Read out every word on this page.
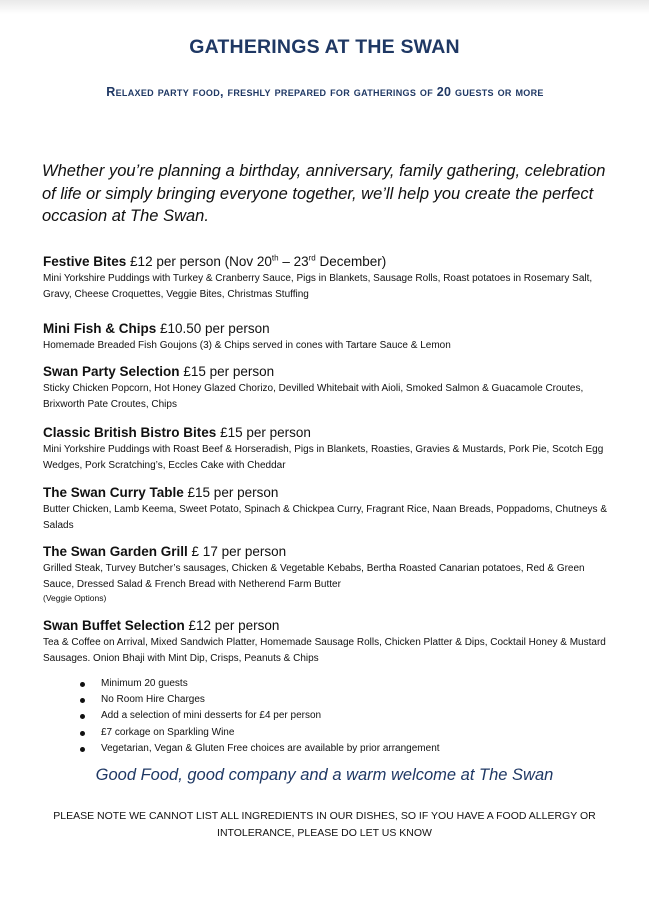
GATHERINGS AT THE SWAN
Relaxed party food, freshly prepared for gatherings of 20 guests or more
Whether you’re planning a birthday, anniversary, family gathering, celebration of life or simply bringing everyone together, we’ll help you create the perfect occasion at The Swan.

Festive Bites £12 per person (Nov 20th – 23rd December)

Mini Yorkshire Puddings with Turkey & Cranberry Sauce, Pigs in Blankets, Sausage Rolls, Roast potatoes in Rosemary Salt, Gravy, Cheese Croquettes, Veggie Bites, Christmas Stuffing

Mini Fish & Chips £10.50 per person

Homemade Breaded Fish Goujons (3) & Chips served in cones with Tartare Sauce & Lemon

Swan Party Selection £15 per person

Sticky Chicken Popcorn, Hot Honey Glazed Chorizo, Devilled Whitebait with Aioli, Smoked Salmon & Guacamole Croutes, Brixworth Pate Croutes, Chips

Classic British Bistro Bites £15 per person

Mini Yorkshire Puddings with Roast Beef & Horseradish, Pigs in Blankets, Roasties, Gravies & Mustards, Pork Pie, Scotch Egg Wedges, Pork Scratching’s, Eccles Cake with Cheddar

The Swan Curry Table £15 per person

Butter Chicken, Lamb Keema, Sweet Potato, Spinach & Chickpea Curry, Fragrant Rice, Naan Breads, Poppadoms, Chutneys & Salads

The Swan Garden Grill £ 17 per person

Grilled Steak, Turvey Butcher’s sausages, Chicken & Vegetable Kebabs, Bertha Roasted Canarian potatoes, Red & Green Sauce, Dressed Salad & French Bread with Netherend Farm Butter

(Veggie Options)

Swan Buffet Selection £12 per person

Tea & Coffee on Arrival, Mixed Sandwich Platter, Homemade Sausage Rolls, Chicken Platter & Dips, Cocktail Honey & Mustard Sausages. Onion Bhaji with Mint Dip, Crisps, Peanuts & Chips

Minimum 20 guests
No Room Hire Charges
Add a selection of mini desserts for £4 per person
£7 corkage on Sparkling Wine
Vegetarian, Vegan & Gluten Free choices are available by prior arrangement
Good Food, good company and a warm welcome at The Swan
PLEASE NOTE WE CANNOT LIST ALL INGREDIENTS IN OUR DISHES, SO IF YOU HAVE A FOOD ALLERGY OR INTOLERANCE, PLEASE DO LET US KNOW
